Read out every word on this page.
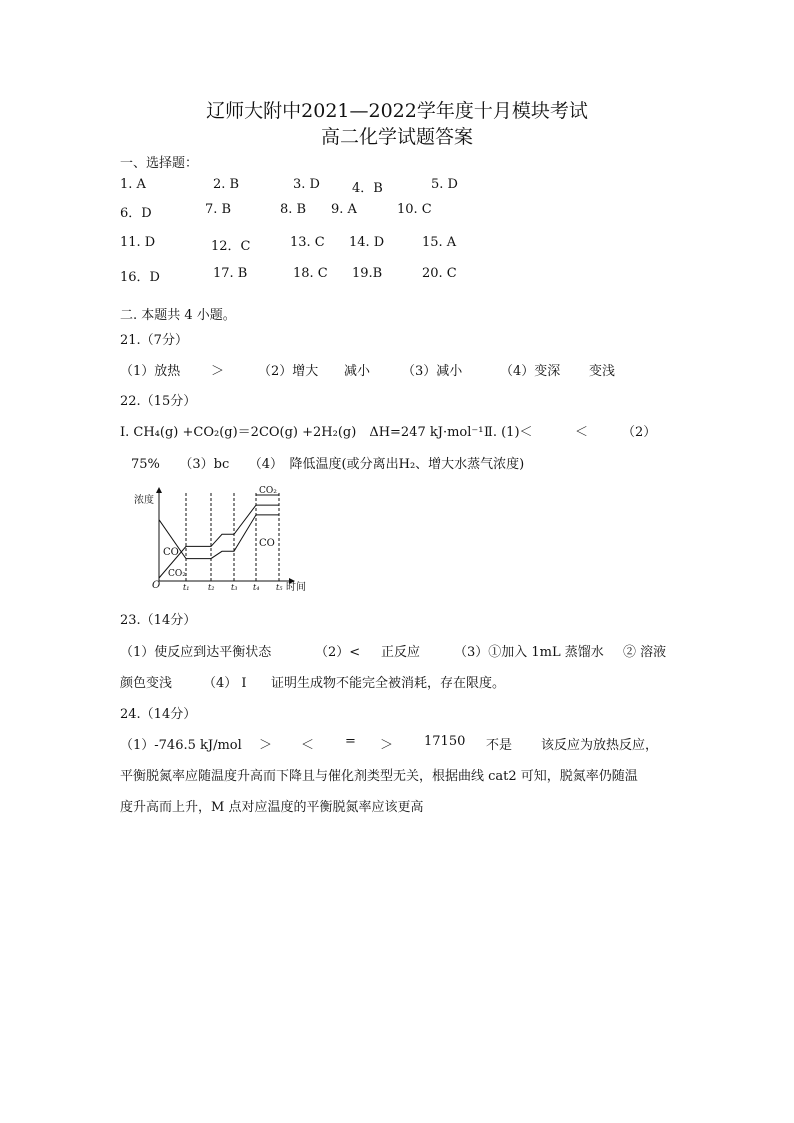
辽师大附中2021—2022学年度十月模块考试
高二化学试题答案
一、选择题：
1. A	2. B	3. D 4．B	5. D
6．D	7. B	8. B 9. A	10. C
11. D	12．C	13. C 14. D	15. A
16．D	17. B	18. C 19.B	20. C
二. 本题共 4 小题。
21.（7分）
（1）放热 ＞	（2）增大 减小 （3）减小	（4）变深 变浅
22.（15分）
Ⅰ. CH₄(g) +CO₂(g)＝2CO(g) +2H₂(g)　ΔH=247 kJ·mol⁻¹ Ⅱ. (1)＜	＜	（2）
75%　　（3）bc　　（4）　降低温度(或分离出H₂、增大水蒸气浓度)
浓度
时间
O	t₁ t₂ t₃ t₄ t₅
CO
CO₂
CO₂
CO
23.（14分）
（1）使反应到达平衡状态	（2）< 正反应	（3）①加入 1mL 蒸馏水 ② 溶液
颜色变浅 （4） I 证明生成物不能完全被消耗，存在限度。
24.（14分）
（1）-746.5 kJ/mol ＞ ＜ = ＞ 17150 不是 该反应为放热反应，
平衡脱氮率应随温度升高而下降且与催化剂类型无关，根据曲线 cat2 可知，脱氮率仍随温
度升高而上升，M 点对应温度的平衡脱氮率应该更高
